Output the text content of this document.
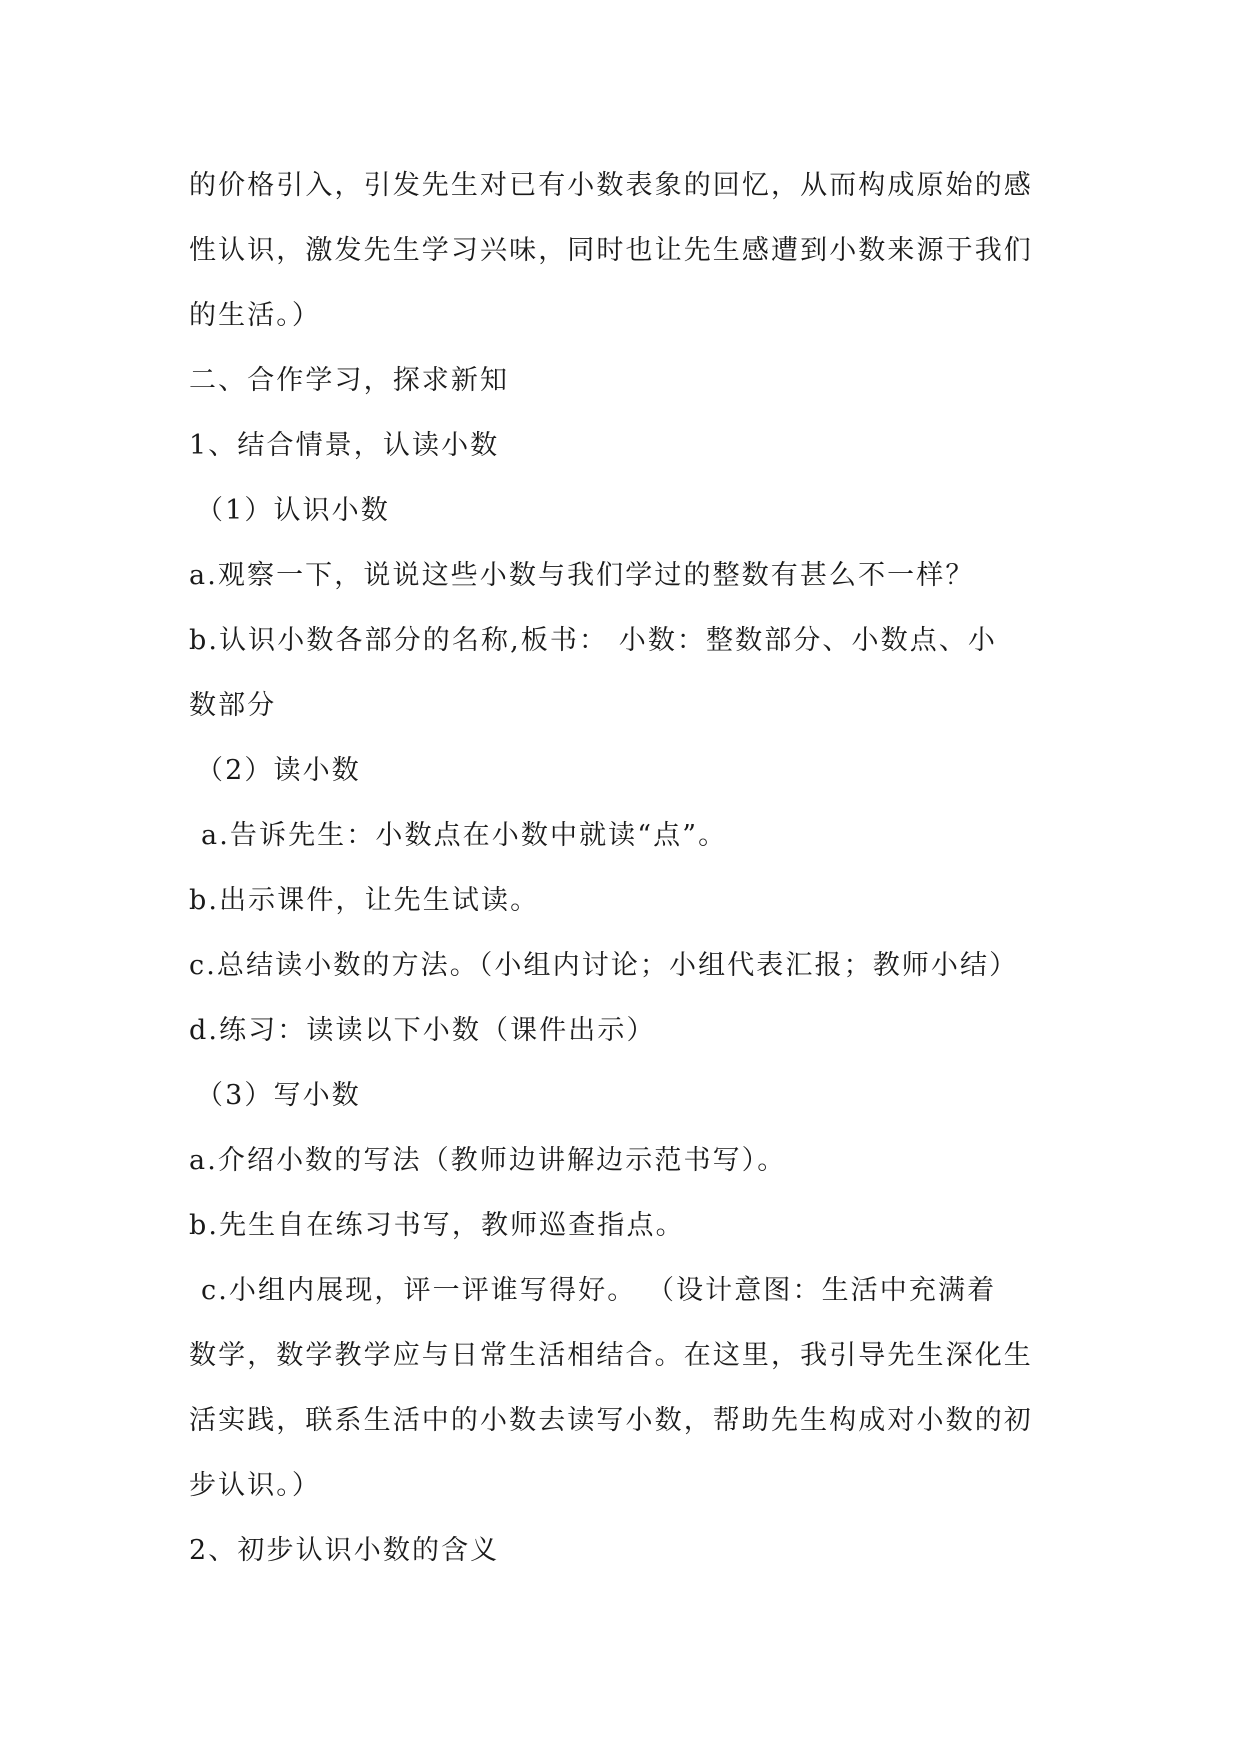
的价格引入，引发先生对已有小数表象的回忆，从而构成原始的感
性认识，激发先生学习兴味，同时也让先生感遭到小数来源于我们
的生活。）
二、合作学习，探求新知
1、结合情景，认读小数
（1）认识小数
a.观察一下，说说这些小数与我们学过的整数有甚么不一样？
b.认识小数各部分的名称,板书： 小数：整数部分、小数点、小
数部分
（2）读小数
a.告诉先生：小数点在小数中就读“点”。
b.出示课件，让先生试读。
c.总结读小数的方法。（小组内讨论；小组代表汇报；教师小结）
d.练习：读读以下小数（课件出示）
（3）写小数
a.介绍小数的写法（教师边讲解边示范书写）。
b.先生自在练习书写，教师巡查指点。
c.小组内展现，评一评谁写得好。 （设计意图：生活中充满着
数学，数学教学应与日常生活相结合。在这里，我引导先生深化生
活实践，联系生活中的小数去读写小数，帮助先生构成对小数的初
步认识。）
2、初步认识小数的含义
